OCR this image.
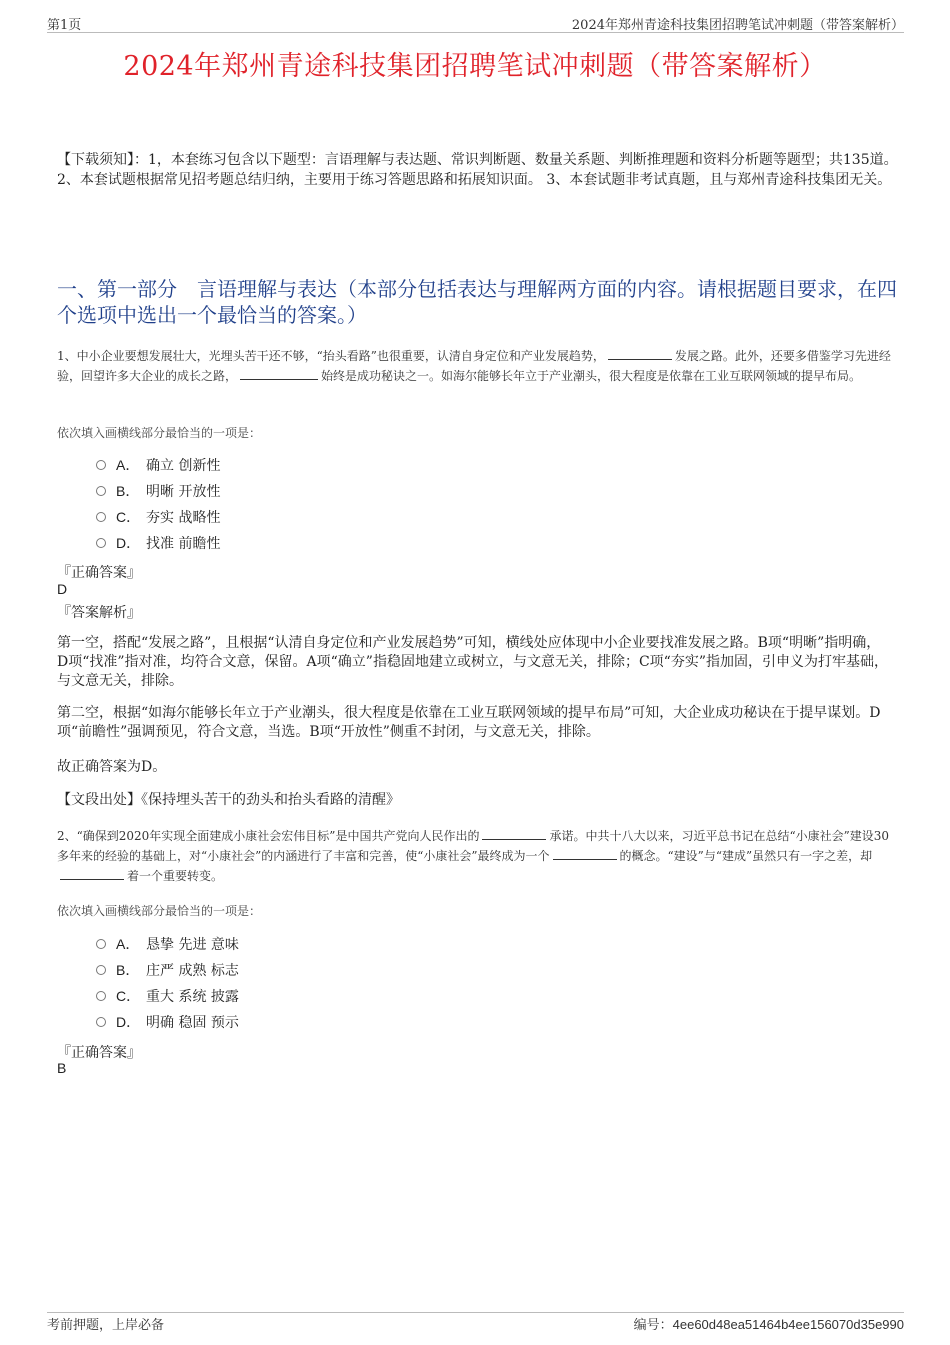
第1页	2024年郑州青途科技集团招聘笔试冲刺题（带答案解析）
2024年郑州青途科技集团招聘笔试冲刺题（带答案解析）
【下载须知】：1，本套练习包含以下题型：言语理解与表达题、常识判断题、数量关系题、判断推理题和资料分析题等题型；共135道。 2、本套试题根据常见招考题总结归纳，主要用于练习答题思路和拓展知识面。 3、本套试题非考试真题，且与郑州青途科技集团无关。
一、第一部分　言语理解与表达（本部分包括表达与理解两方面的内容。请根据题目要求，在四个选项中选出一个最恰当的答案。）
1、中小企业要想发展壮大，光埋头苦干还不够，“抬头看路”也很重要，认清自身定位和产业发展趋势，	发展之路。此外，还要多借鉴学习先进经验，回望许多大企业的成长之路，	始终是成功秘诀之一。如海尔能够长年立于产业潮头，很大程度是依靠在工业互联网领域的提早布局。
依次填入画横线部分最恰当的一项是：
A． 确立 创新性
B． 明晰 开放性
C． 夯实 战略性
D． 找准 前瞻性
『正确答案』
D
『答案解析』
第一空，搭配“发展之路”，且根据“认清自身定位和产业发展趋势”可知，横线处应体现中小企业要找准发展之路。B项“明晰”指明确，D项“找准”指对准，均符合文意，保留。A项“确立”指稳固地建立或树立，与文意无关，排除；C项“夯实”指加固，引申义为打牢基础，与文意无关，排除。
第二空，根据“如海尔能够长年立于产业潮头，很大程度是依靠在工业互联网领域的提早布局”可知，大企业成功秘诀在于提早谋划。D项“前瞻性”强调预见，符合文意，当选。B项“开放性”侧重不封闭，与文意无关，排除。
故正确答案为D。
【文段出处】《保持埋头苦干的劲头和抬头看路的清醒》
2、“确保到2020年实现全面建成小康社会宏伟目标”是中国共产党向人民作出的	承诺。中共十八大以来，习近平总书记在总结“小康社会”建设30多年来的经验的基础上，对“小康社会”的内涵进行了丰富和完善，使“小康社会”最终成为一个	的概念。“建设”与“建成”虽然只有一字之差，却着一个重要转变。
依次填入画横线部分最恰当的一项是：
A． 恳挚 先进 意味
B． 庄严 成熟 标志
C． 重大 系统 披露
D． 明确 稳固 预示
『正确答案』
B
考前押题，上岸必备	编号：4ee60d48ea51464b4ee156070d35e990
